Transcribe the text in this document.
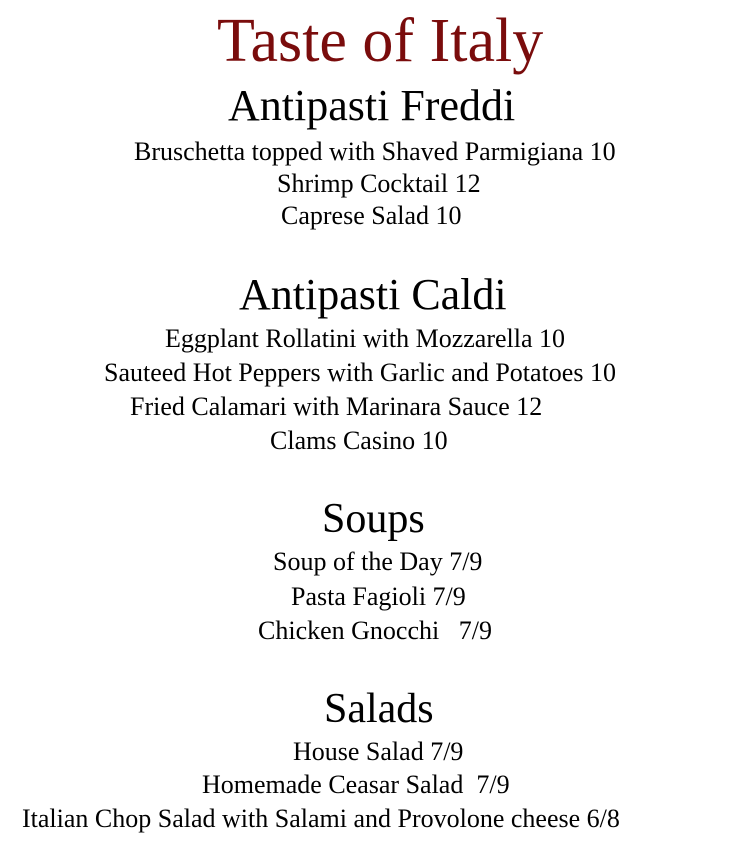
Taste of Italy
Antipasti Freddi
Bruschetta topped with Shaved Parmigiana 10
Shrimp Cocktail 12
Caprese Salad 10
Antipasti Caldi
Eggplant Rollatini with Mozzarella 10
Sauteed Hot Peppers with Garlic and Potatoes 10
Fried Calamari with Marinara Sauce 12
Clams Casino 10
Soups
Soup of the Day 7/9
Pasta Fagioli 7/9
Chicken Gnocchi   7/9
Salads
House Salad 7/9
Homemade Ceasar Salad  7/9
Italian Chop Salad with Salami and Provolone cheese 6/8
